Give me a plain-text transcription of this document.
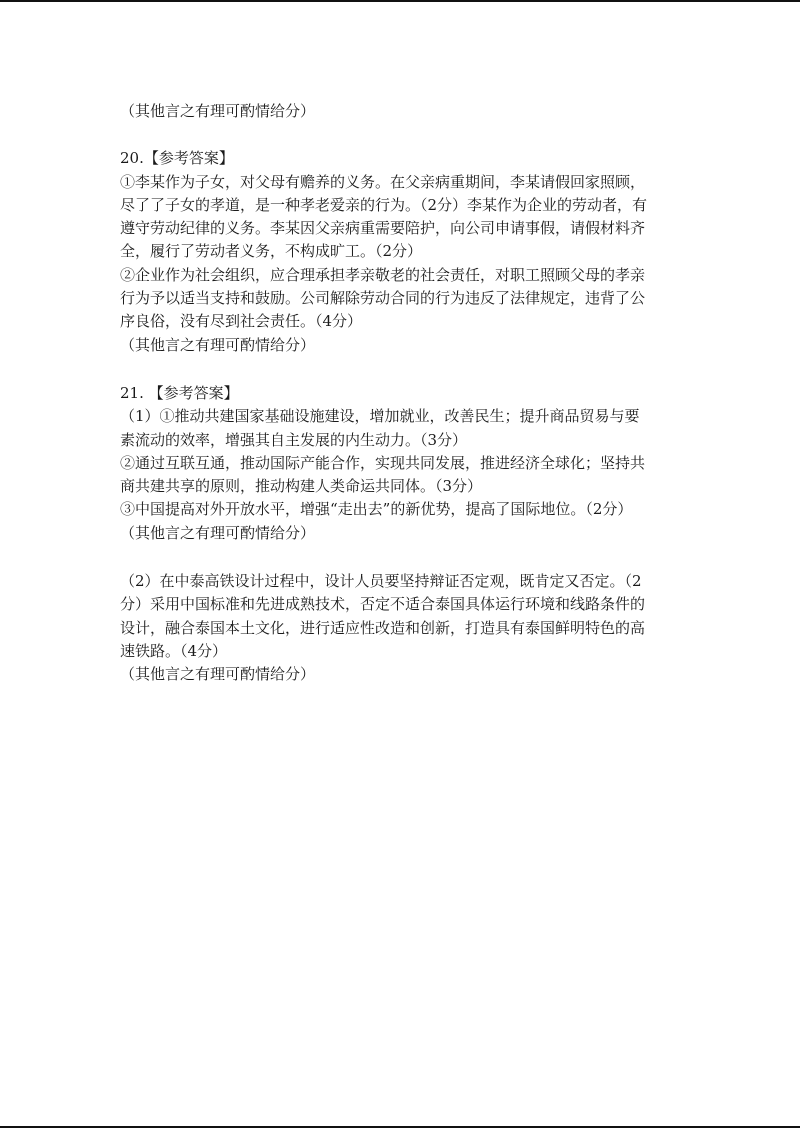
（其他言之有理可酌情给分）
20.【参考答案】
①李某作为子女，对父母有赡养的义务。在父亲病重期间，李某请假回家照顾，
尽了了子女的孝道，是一种孝老爱亲的行为。（2分）李某作为企业的劳动者，有
遵守劳动纪律的义务。李某因父亲病重需要陪护，向公司申请事假，请假材料齐
全，履行了劳动者义务，不构成旷工。（2分）
②企业作为社会组织，应合理承担孝亲敬老的社会责任，对职工照顾父母的孝亲
行为予以适当支持和鼓励。公司解除劳动合同的行为违反了法律规定，违背了公
序良俗，没有尽到社会责任。（4分）
（其他言之有理可酌情给分）
21. 【参考答案】
（1）①推动共建国家基础设施建设，增加就业，改善民生；提升商品贸易与要
素流动的效率，增强其自主发展的内生动力。（3分）
②通过互联互通，推动国际产能合作，实现共同发展，推进经济全球化；坚持共
商共建共享的原则，推动构建人类命运共同体。（3分）
③中国提高对外开放水平，增强“走出去”的新优势，提高了国际地位。（2分）
（其他言之有理可酌情给分）
（2）在中泰高铁设计过程中，设计人员要坚持辩证否定观，既肯定又否定。（2
分）采用中国标准和先进成熟技术，否定不适合泰国具体运行环境和线路条件的
设计，融合泰国本土文化，进行适应性改造和创新，打造具有泰国鲜明特色的高
速铁路。（4分）
（其他言之有理可酌情给分）
